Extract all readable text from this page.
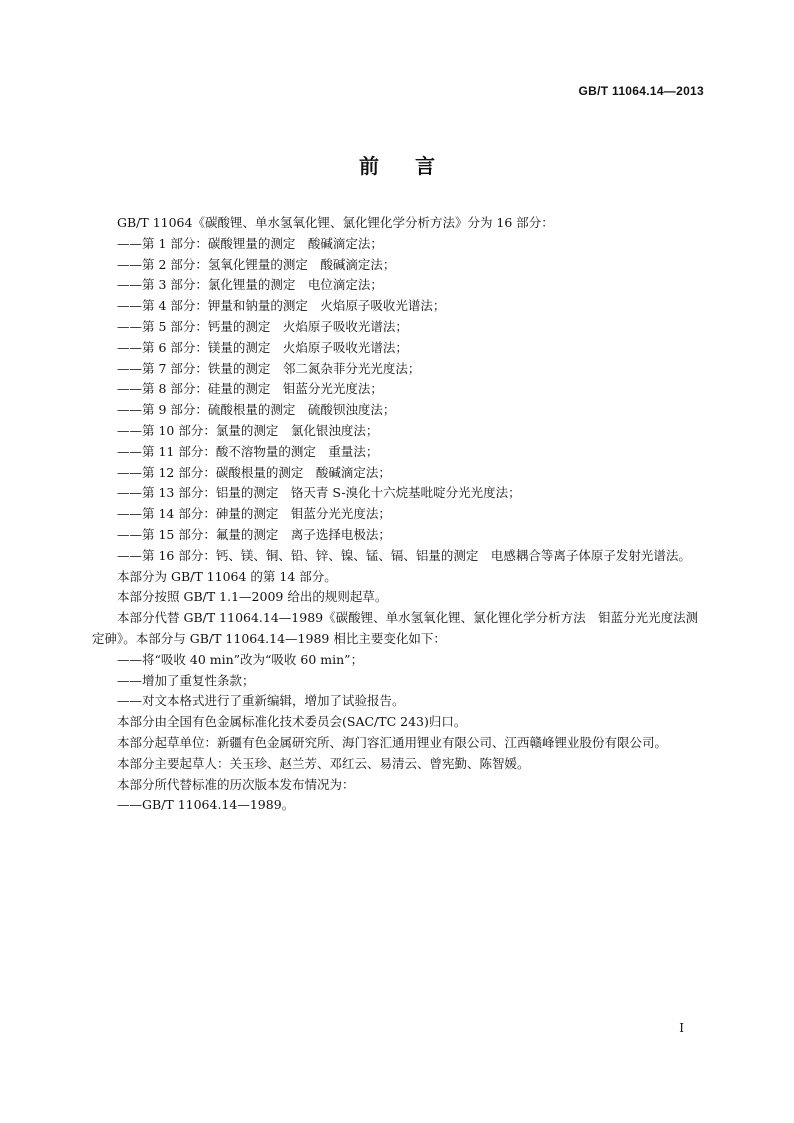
GB/T 11064.14—2013
前言

GB/T 11064《碳酸锂、单水氢氧化锂、氯化锂化学分析方法》分为 16 部分：

——第 1 部分：碳酸锂量的测定　酸碱滴定法；

——第 2 部分：氢氧化锂量的测定　酸碱滴定法；

——第 3 部分：氯化锂量的测定　电位滴定法；

——第 4 部分：钾量和钠量的测定　火焰原子吸收光谱法；

——第 5 部分：钙量的测定　火焰原子吸收光谱法；

——第 6 部分：镁量的测定　火焰原子吸收光谱法；

——第 7 部分：铁量的测定　邻二氮杂菲分光光度法；

——第 8 部分：硅量的测定　钼蓝分光光度法；

——第 9 部分：硫酸根量的测定　硫酸钡浊度法；

——第 10 部分：氯量的测定　氯化银浊度法；

——第 11 部分：酸不溶物量的测定　重量法；

——第 12 部分：碳酸根量的测定　酸碱滴定法；

——第 13 部分：铝量的测定　铬天青 S-溴化十六烷基吡啶分光光度法；

——第 14 部分：砷量的测定　钼蓝分光光度法；

——第 15 部分：氟量的测定　离子选择电极法；

——第 16 部分：钙、镁、铜、铅、锌、镍、锰、镉、铝量的测定　电感耦合等离子体原子发射光谱法。

本部分为 GB/T 11064 的第 14 部分。

本部分按照 GB/T 1.1—2009 给出的规则起草。

本部分代替 GB/T 11064.14—1989《碳酸锂、单水氢氧化锂、氯化锂化学分析方法　钼蓝分光光度法测定砷》。本部分与 GB/T 11064.14—1989 相比主要变化如下：

——将“吸收 40 min”改为“吸收 60 min”；

——增加了重复性条款；

——对文本格式进行了重新编辑，增加了试验报告。

本部分由全国有色金属标准化技术委员会(SAC/TC 243)归口。

本部分起草单位：新疆有色金属研究所、海门容汇通用锂业有限公司、江西赣峰锂业股份有限公司。

本部分主要起草人：关玉珍、赵兰芳、邓红云、易清云、曾宪勤、陈智媛。

本部分所代替标准的历次版本发布情况为：

——GB/T 11064.14—1989。

I
